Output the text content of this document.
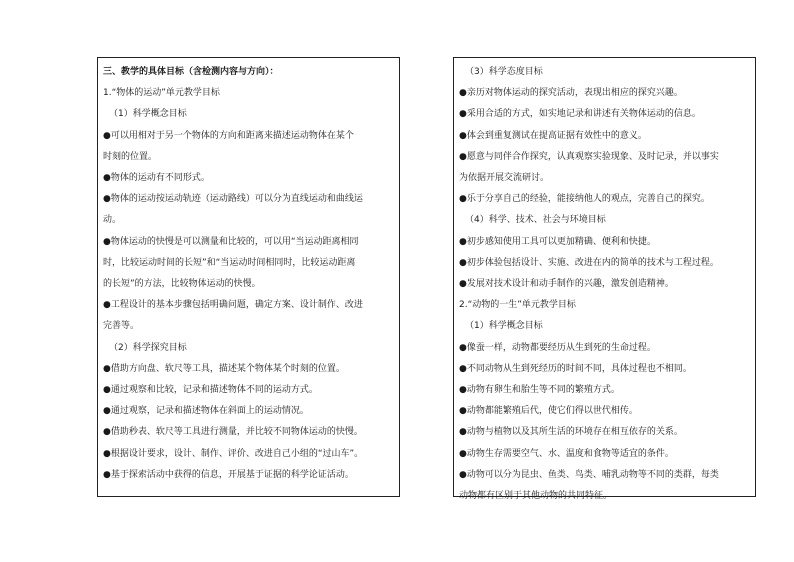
三、教学的具体目标（含检测内容与方向）：
1.“物体的运动”单元教学目标
（1）科学概念目标
●可以用相对于另一个物体的方向和距离来描述运动物体在某个
时刻的位置。
●物体的运动有不同形式。
●物体的运动按运动轨迹（运动路线）可以分为直线运动和曲线运
动。
●物体运动的快慢是可以测量和比较的，可以用“当运动距离相同
时，比较运动时间的长短”和“当运动时间相同时，比较运动距离
的长短”的方法，比较物体运动的快慢。
●工程设计的基本步骤包括明确问题，确定方案、设计制作、改进
完善等。
（2）科学探究目标
●借助方向盘、软尺等工具，描述某个物体某个时刻的位置。
●通过观察和比较，记录和描述物体不同的运动方式。
●通过观察，记录和描述物体在斜面上的运动情况。
●借助秒表、软尺等工具进行测量，并比较不同物体运动的快慢。
●根据设计要求，设计、制作、评价、改进自己小组的“过山车”。
●基于探索活动中获得的信息，开展基于证据的科学论证活动。
（3）科学态度目标
●亲历对物体运动的探究活动，表现出相应的探究兴趣。
●采用合适的方式，如实地记录和讲述有关物体运动的信息。
●体会到重复测试在提高证据有效性中的意义。
●愿意与同伴合作探究，认真观察实验现象、及时记录，并以事实
为依据开展交流研讨。
●乐于分享自己的经验，能接纳他人的观点，完善自己的探究。
（4）科学、技术、社会与环境目标
●初步感知使用工具可以更加精确、便利和快捷。
●初步体验包括设计、实施、改进在内的简单的技术与工程过程。
●发展对技术设计和动手制作的兴趣，激发创造精神。
2.“动物的一生”单元教学目标
（1）科学概念目标
●像蚕一样，动物都要经历从生到死的生命过程。
●不同动物从生到死经历的时间不同，具体过程也不相同。
●动物有卵生和胎生等不同的繁殖方式。
●动物都能繁殖后代，使它们得以世代相传。
●动物与植物以及其所生活的环境存在相互依存的关系。
●动物生存需要空气、水、温度和食物等适宜的条件。
●动物可以分为昆虫、鱼类、鸟类、哺乳动物等不同的类群，每类
动物都有区别于其他动物的共同特征。
